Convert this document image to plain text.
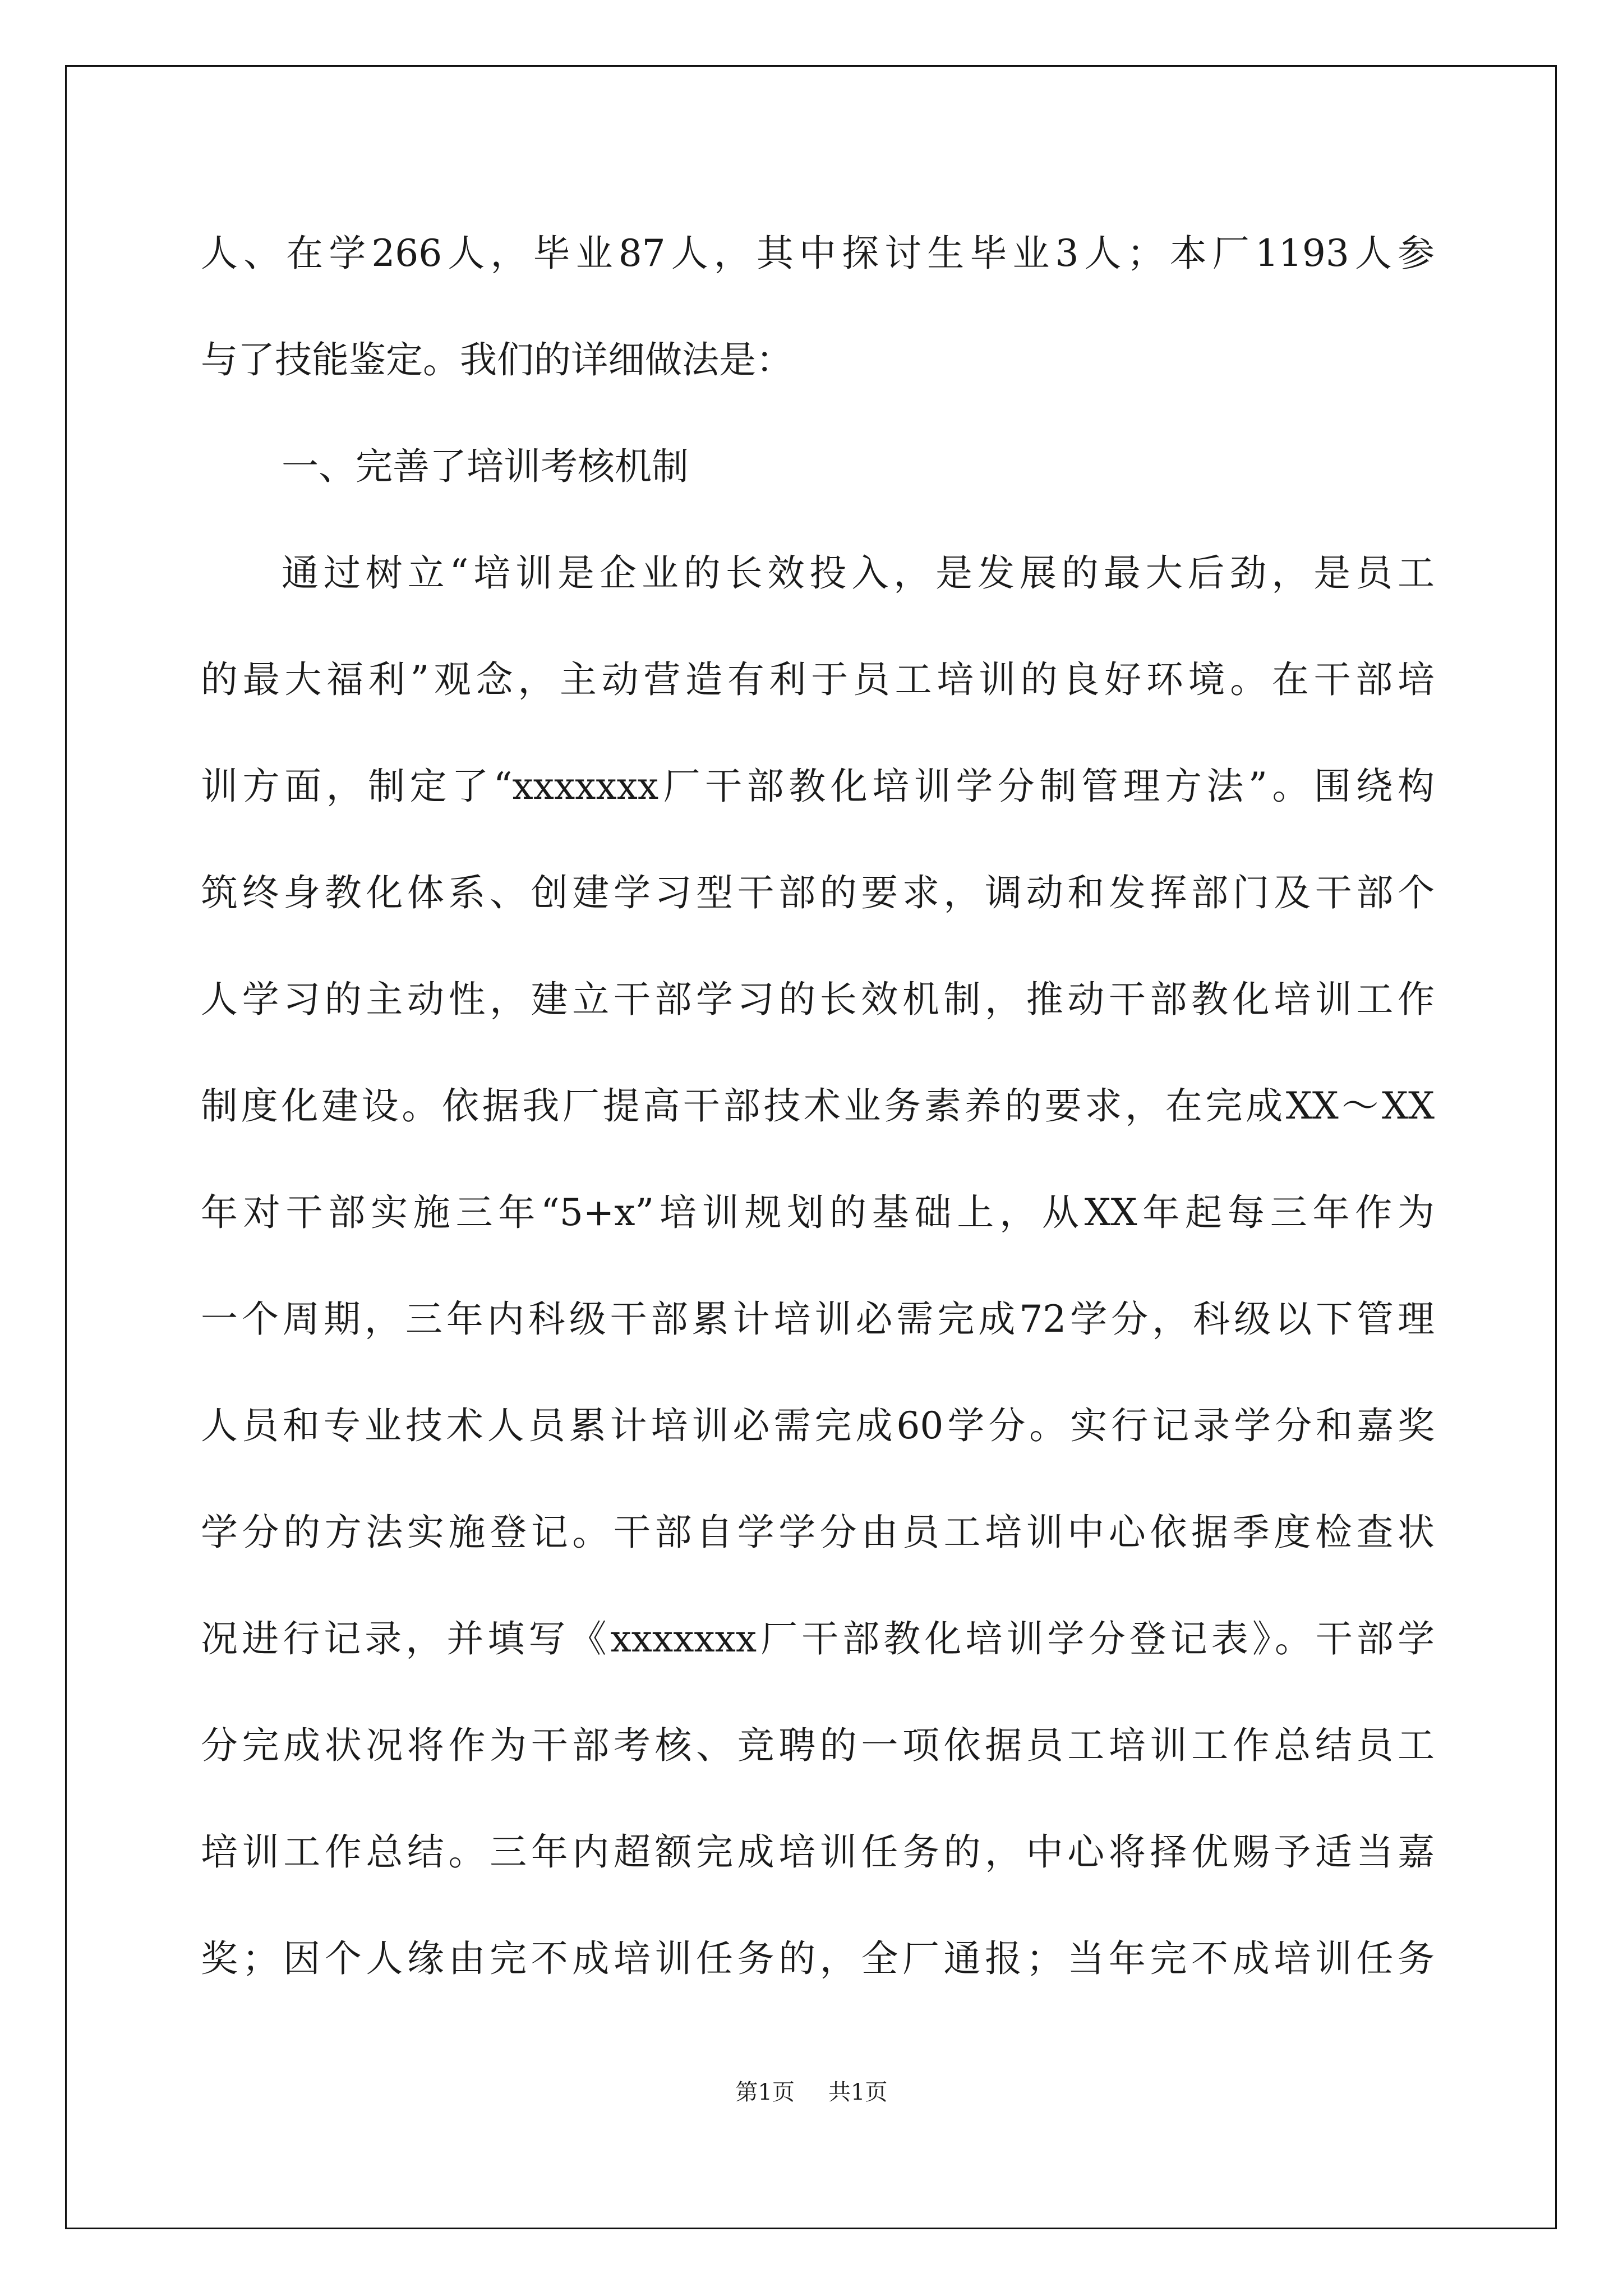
人、在学266人，毕业87人，其中探讨生毕业3人；本厂1193人参
与了技能鉴定。我们的详细做法是：
一、完善了培训考核机制
通过树立“培训是企业的长效投入，是发展的最大后劲，是员工
的最大福利”观念，主动营造有利于员工培训的良好环境。在干部培
训方面，制定了“xxxxxxx厂干部教化培训学分制管理方法”。围绕构
筑终身教化体系、创建学习型干部的要求，调动和发挥部门及干部个
人学习的主动性，建立干部学习的长效机制，推动干部教化培训工作
制度化建设。依据我厂提高干部技术业务素养的要求，在完成XX～XX
年对干部实施三年“5+x”培训规划的基础上，从XX年起每三年作为
一个周期，三年内科级干部累计培训必需完成72学分，科级以下管理
人员和专业技术人员累计培训必需完成60学分。实行记录学分和嘉奖
学分的方法实施登记。干部自学学分由员工培训中心依据季度检查状
况进行记录，并填写《xxxxxxx厂干部教化培训学分登记表》。干部学
分完成状况将作为干部考核、竞聘的一项依据员工培训工作总结员工
培训工作总结。三年内超额完成培训任务的，中心将择优赐予适当嘉
奖；因个人缘由完不成培训任务的，全厂通报；当年完不成培训任务
第1页 共1页
